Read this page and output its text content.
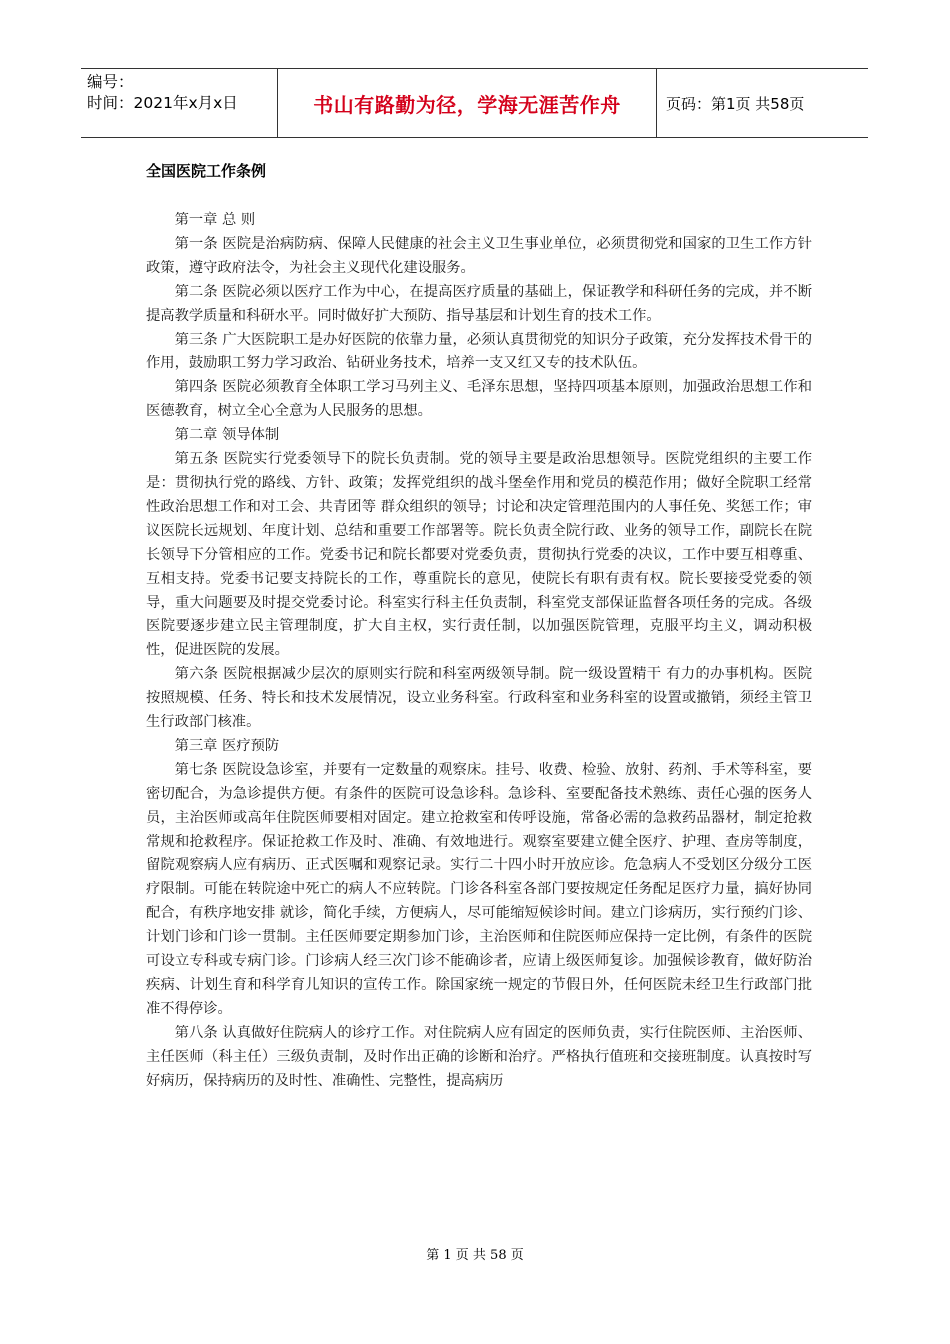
编号：
时间：2021年x月x日	书山有路勤为径，学海无涯苦作舟	页码：第1页 共58页
全国医院工作条例

第一章 总 则

第一条 医院是治病防病、保障人民健康的社会主义卫生事业单位，必须贯彻党和国家的卫生工作方针政策，遵守政府法令，为社会主义现代化建设服务。

第二条 医院必须以医疗工作为中心，在提高医疗质量的基础上，保证教学和科研任务的完成，并不断提高教学质量和科研水平。同时做好扩大预防、指导基层和计划生育的技术工作。

第三条 广大医院职工是办好医院的依靠力量，必须认真贯彻党的知识分子政策，充分发挥技术骨干的作用，鼓励职工努力学习政治、钻研业务技术，培养一支又红又专的技术队伍。

第四条 医院必须教育全体职工学习马列主义、毛泽东思想，坚持四项基本原则，加强政治思想工作和医德教育，树立全心全意为人民服务的思想。

第二章 领导体制

第五条 医院实行党委领导下的院长负责制。党的领导主要是政治思想领导。医院党组织的主要工作是：贯彻执行党的路线、方针、政策；发挥党组织的战斗堡垒作用和党员的模范作用；做好全院职工经常性政治思想工作和对工会、共青团等 群众组织的领导；讨论和决定管理范围内的人事任免、奖惩工作；审议医院长远规划、年度计划、总结和重要工作部署等。院长负责全院行政、业务的领导工作，副院长在院长领导下分管相应的工作。党委书记和院长都要对党委负责，贯彻执行党委的决议，工作中要互相尊重、互相支持。党委书记要支持院长的工作，尊重院长的意见，使院长有职有责有权。院长要接受党委的领导，重大问题要及时提交党委讨论。科室实行科主任负责制，科室党支部保证监督各项任务的完成。各级医院要逐步建立民主管理制度，扩大自主权，实行责任制，以加强医院管理，克服平均主义，调动积极性，促进医院的发展。

第六条 医院根据减少层次的原则实行院和科室两级领导制。院一级设置精干 有力的办事机构。医院按照规模、任务、特长和技术发展情况，设立业务科室。行政科室和业务科室的设置或撤销，须经主管卫生行政部门核准。

第三章 医疗预防

第七条 医院设急诊室，并要有一定数量的观察床。挂号、收费、检验、放射、药剂、手术等科室，要密切配合，为急诊提供方便。有条件的医院可设急诊科。急诊科、室要配备技术熟练、责任心强的医务人员，主治医师或高年住院医师要相对固定。建立抢救室和传呼设施，常备必需的急救药品器材，制定抢救常规和抢救程序。保证抢救工作及时、准确、有效地进行。观察室要建立健全医疗、护理、查房等制度，留院观察病人应有病历、正式医嘱和观察记录。实行二十四小时开放应诊。危急病人不受划区分级分工医疗限制。可能在转院途中死亡的病人不应转院。门诊各科室各部门要按规定任务配足医疗力量，搞好协同配合，有秩序地安排 就诊，简化手续，方便病人，尽可能缩短候诊时间。建立门诊病历，实行预约门诊、计划门诊和门诊一贯制。主任医师要定期参加门诊，主治医师和住院医师应保持一定比例，有条件的医院可设立专科或专病门诊。门诊病人经三次门诊不能确诊者，应请上级医师复诊。加强候诊教育，做好防治疾病、计划生育和科学育儿知识的宣传工作。除国家统一规定的节假日外，任何医院未经卫生行政部门批准不得停诊。

第八条 认真做好住院病人的诊疗工作。对住院病人应有固定的医师负责，实行住院医师、主治医师、主任医师（科主任）三级负责制，及时作出正确的诊断和治疗。严格执行值班和交接班制度。认真按时写好病历，保持病历的及时性、准确性、完整性，提高病历

第 1 页 共 58 页
